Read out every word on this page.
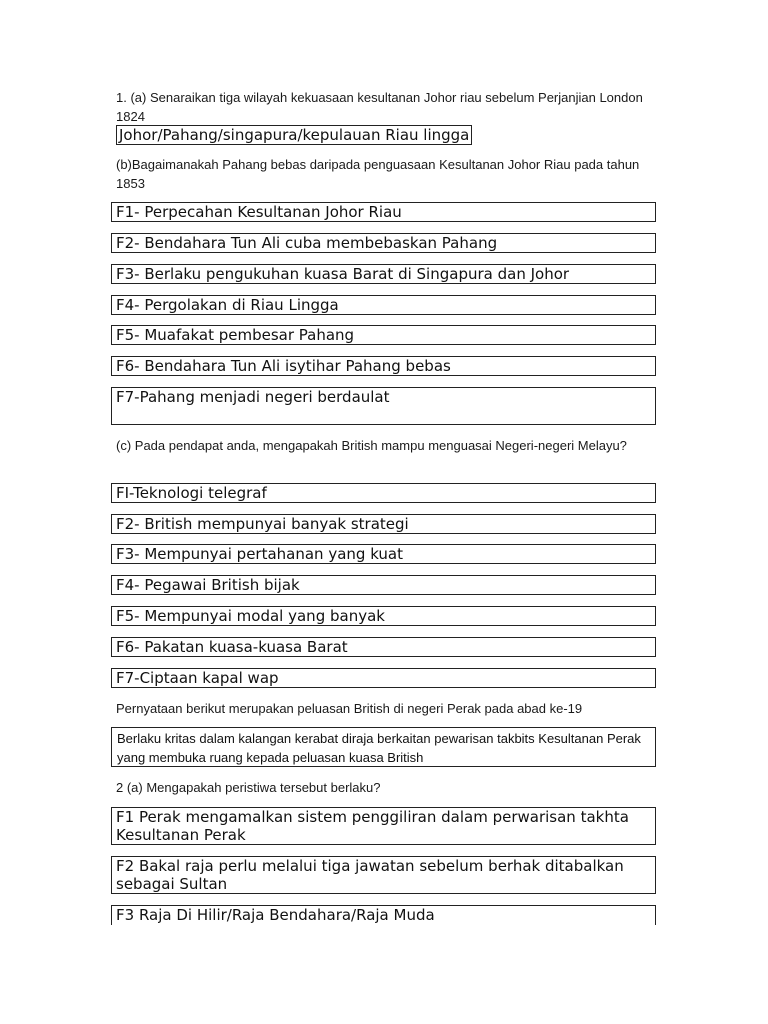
1. (a) Senaraikan tiga wilayah kekuasaan kesultanan Johor riau sebelum Perjanjian London 1824
Johor/Pahang/singapura/kepulauan Riau lingga
(b)Bagaimanakah Pahang bebas daripada penguasaan Kesultanan Johor Riau pada tahun 1853
F1- Perpecahan Kesultanan Johor Riau
F2- Bendahara Tun Ali cuba membebaskan Pahang
F3- Berlaku pengukuhan kuasa Barat di Singapura dan Johor
F4- Pergolakan di Riau Lingga
F5- Muafakat pembesar Pahang
F6- Bendahara Tun Ali isytihar Pahang bebas
F7-Pahang menjadi negeri berdaulat
(c) Pada pendapat anda, mengapakah British mampu menguasai Negeri-negeri Melayu?
FI-Teknologi telegraf
F2- British mempunyai banyak strategi
F3- Mempunyai pertahanan yang kuat
F4- Pegawai British bijak
F5- Mempunyai modal yang banyak
F6- Pakatan kuasa-kuasa Barat
F7-Ciptaan kapal wap
Pernyataan berikut merupakan peluasan British di negeri Perak pada abad ke-19
Berlaku kritas dalam kalangan kerabat diraja berkaitan pewarisan takbits Kesultanan Perak yang membuka ruang kepada peluasan kuasa British
2 (a) Mengapakah peristiwa tersebut berlaku?
F1 Perak mengamalkan sistem penggiliran dalam perwarisan takhta Kesultanan Perak
F2 Bakal raja perlu melalui tiga jawatan sebelum berhak ditabalkan sebagai Sultan
F3 Raja Di Hilir/Raja Bendahara/Raja Muda
